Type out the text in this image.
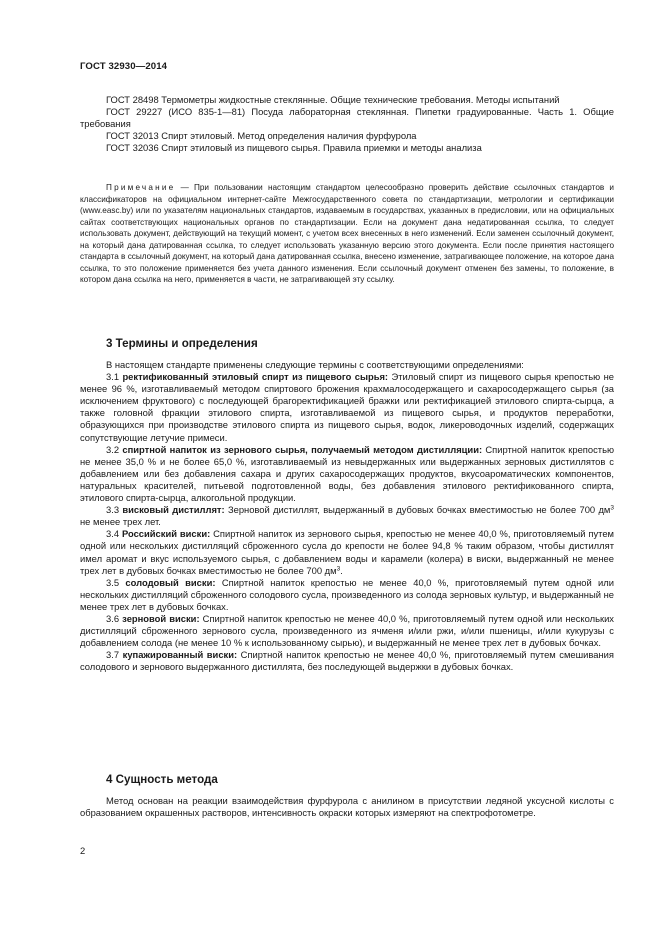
ГОСТ 32930—2014

ГОСТ 28498 Термометры жидкостные стеклянные. Общие технические требования. Методы испытаний

ГОСТ 29227 (ИСО 835-1—81) Посуда лабораторная стеклянная. Пипетки градуированные. Часть 1. Общие требования

ГОСТ 32013 Спирт этиловый. Метод определения наличия фурфурола

ГОСТ 32036 Спирт этиловый из пищевого сырья. Правила приемки и методы анализа

Примечание — При пользовании настоящим стандартом целесообразно проверить действие ссылочных стандартов и классификаторов на официальном интернет-сайте Межгосударственного совета по стандартизации, метрологии и сертификации (www.easc.by) или по указателям национальных стандартов, издаваемым в государствах, указанных в предисловии, или на официальных сайтах соответствующих национальных органов по стандартизации. Если на документ дана недатированная ссылка, то следует использовать документ, действующий на текущий момент, с учетом всех внесенных в него изменений. Если заменен ссылочный документ, на который дана датированная ссылка, то следует использовать указанную версию этого документа. Если после принятия настоящего стандарта в ссылочный документ, на который дана датированная ссылка, внесено изменение, затрагивающее положение, на которое дана ссылка, то это положение применяется без учета данного изменения. Если ссылочный документ отменен без замены, то положение, в котором дана ссылка на него, применяется в части, не затрагивающей эту ссылку.

3 Термины и определения

В настоящем стандарте применены следующие термины с соответствующими определениями:

3.1 ректификованный этиловый спирт из пищевого сырья: Этиловый спирт из пищевого сырья крепостью не менее 96 %, изготавливаемый методом спиртового брожения крахмалосодержащего и сахаросодержащего сырья (за исключением фруктового) с последующей брагоректификацией бражки или ректификацией этилового спирта-сырца, а также головной фракции этилового спирта, изготавливаемой из пищевого сырья, и продуктов переработки, образующихся при производстве этилового спирта из пищевого сырья, водок, ликероводочных изделий, содержащих сопутствующие летучие примеси.

3.2 спиртной напиток из зернового сырья, получаемый методом дистилляции: Спиртной напиток крепостью не менее 35,0 % и не более 65,0 %, изготавливаемый из невыдержанных или выдержанных зерновых дистиллятов с добавлением или без добавления сахара и других сахаросодержащих продуктов, вкусоароматических компонентов, натуральных красителей, питьевой подготовленной воды, без добавления этилового ректификованного спирта, этилового спирта-сырца, алкогольной продукции.

3.3 висковый дистиллят: Зерновой дистиллят, выдержанный в дубовых бочках вместимостью не более 700 $дм^3$ не менее трех лет.

3.4 Российский виски: Спиртной напиток из зернового сырья, крепостью не менее 40,0 %, приготовляемый путем одной или нескольких дистилляций сброженного сусла до крепости не более 94,8 % таким образом, чтобы дистиллят имел аромат и вкус используемого сырья, с добавлением воды и карамели (колера) в виски, выдержанный не менее трех лет в дубовых бочках вместимостью не более 700 $дм^3$.

3.5 солодовый виски: Спиртной напиток крепостью не менее 40,0 %, приготовляемый путем одной или нескольких дистилляций сброженного солодового сусла, произведенного из солода зерновых культур, и выдержанный не менее трех лет в дубовых бочках.

3.6 зерновой виски: Спиртной напиток крепостью не менее 40,0 %, приготовляемый путем одной или нескольких дистилляций сброженного зернового сусла, произведенного из ячменя и/или ржи, и/или пшеницы, и/или кукурузы с добавлением солода (не менее 10 % к использованному сырью), и выдержанный не менее трех лет в дубовых бочках.

3.7 купажированный виски: Спиртной напиток крепостью не менее 40,0 %, приготовляемый путем смешивания солодового и зернового выдержанного дистиллята, без последующей выдержки в дубовых бочках.

4 Сущность метода

Метод основан на реакции взаимодействия фурфурола с анилином в присутствии ледяной уксусной кислоты с образованием окрашенных растворов, интенсивность окраски которых измеряют на спектрофотометре.

2
